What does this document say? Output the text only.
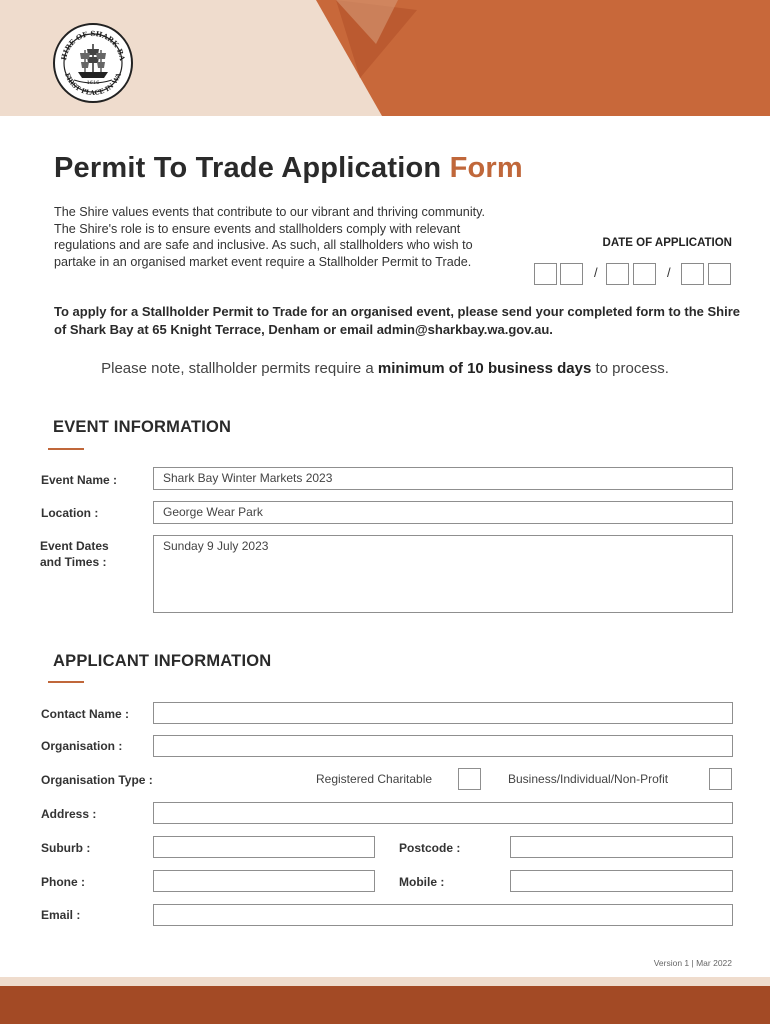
HIRE OF SHARK BA
FIRST PLACE IN WA
1616
Permit To Trade Application Form
The Shire values events that contribute to our vibrant and thriving community. The Shire's role is to ensure events and stallholders comply with relevant regulations and are safe and inclusive. As such, all stallholders who wish to partake in an organised market event require a Stallholder Permit to Trade.
DATE OF APPLICATION
/	/
To apply for a Stallholder Permit to Trade for an organised event, please send your completed form to the Shire of Shark Bay at 65 Knight Terrace, Denham or email admin@sharkbay.wa.gov.au.
Please note, stallholder permits require a minimum of 10 business days to process.
EVENT INFORMATION
Event Name :	Shark Bay Winter Markets 2023
Location :	George Wear Park
Event Dates
and Times :
Sunday 9 July 2023
APPLICANT INFORMATION
Contact Name :
Organisation :
Organisation Type :	Registered Charitable	Business/Individual/Non-Profit
Address :
Suburb :	Postcode :
Phone :	Mobile :
Email :
Version 1 | Mar 2022
